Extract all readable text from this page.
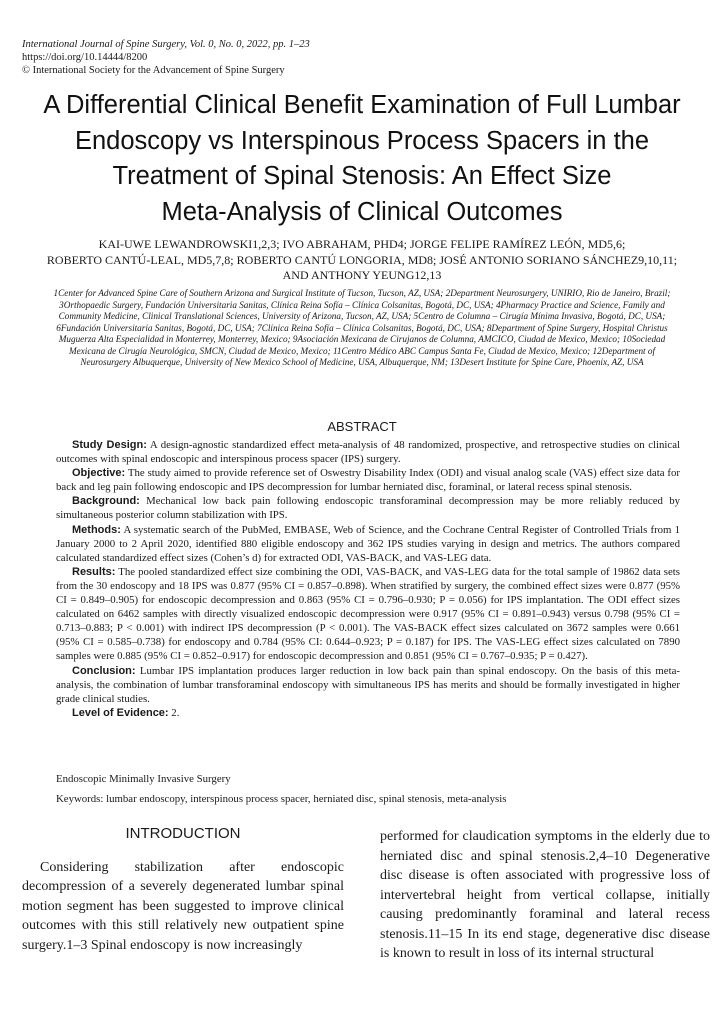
International Journal of Spine Surgery, Vol. 0, No. 0, 2022, pp. 1–23
https://doi.org/10.14444/8200
© International Society for the Advancement of Spine Surgery
A Differential Clinical Benefit Examination of Full Lumbar
Endoscopy vs Interspinous Process Spacers in the
Treatment of Spinal Stenosis: An Effect Size
Meta-Analysis of Clinical Outcomes
KAI-UWE LEWANDROWSKI1,2,3; IVO ABRAHAM, PHD4; JORGE FELIPE RAMÍREZ LEÓN, MD5,6;
ROBERTO CANTÚ-LEAL, MD5,7,8; ROBERTO CANTÚ LONGORIA, MD8; JOSÉ ANTONIO SORIANO SÁNCHEZ9,10,11;
AND ANTHONY YEUNG12,13
1Center for Advanced Spine Care of Southern Arizona and Surgical Institute of Tucson, Tucson, AZ, USA; 2Department Neurosurgery, UNIRIO, Rio de Janeiro, Brazil;
3Orthopaedic Surgery, Fundación Universitaria Sanitas, Clínica Reina Sofía – Clínica Colsanitas, Bogotá, DC, USA; 4Pharmacy Practice and Science, Family and
Community Medicine, Clinical Translational Sciences, University of Arizona, Tucson, AZ, USA; 5Centro de Columna – Cirugía Mínima Invasiva, Bogotá, DC, USA;
6Fundación Universitaria Sanitas, Bogotá, DC, USA; 7Clínica Reina Sofía – Clínica Colsanitas, Bogotá, DC, USA; 8Department of Spine Surgery, Hospital Christus
Muguerza Alta Especialidad in Monterrey, Monterrey, Mexico; 9Asociación Mexicana de Cirujanos de Columna, AMCICO, Ciudad de Mexico, Mexico; 10Sociedad
Mexicana de Cirugía Neurológica, SMCN, Ciudad de Mexico, Mexico; 11Centro Médico ABC Campus Santa Fe, Ciudad de Mexico, Mexico; 12Department of
Neurosurgery Albuquerque, University of New Mexico School of Medicine, USA, Albuquerque, NM; 13Desert Institute for Spine Care, Phoenix, AZ, USA
ABSTRACT

Study Design: A design-agnostic standardized effect meta-analysis of 48 randomized, prospective, and retrospective studies on clinical outcomes with spinal endoscopic and interspinous process spacer (IPS) surgery.

Objective: The study aimed to provide reference set of Oswestry Disability Index (ODI) and visual analog scale (VAS) effect size data for back and leg pain following endoscopic and IPS decompression for lumbar herniated disc, foraminal, or lateral recess spinal stenosis.

Background: Mechanical low back pain following endoscopic transforaminal decompression may be more reliably reduced by simultaneous posterior column stabilization with IPS.

Methods: A systematic search of the PubMed, EMBASE, Web of Science, and the Cochrane Central Register of Controlled Trials from 1 January 2000 to 2 April 2020, identified 880 eligible endoscopy and 362 IPS studies varying in design and metrics. The authors compared calculated standardized effect sizes (Cohen’s d) for extracted ODI, VAS-BACK, and VAS-LEG data.

Results: The pooled standardized effect size combining the ODI, VAS-BACK, and VAS-LEG data for the total sample of 19862 data sets from the 30 endoscopy and 18 IPS was 0.877 (95% CI = 0.857–0.898). When stratified by surgery, the combined effect sizes were 0.877 (95% CI = 0.849–0.905) for endoscopic decompression and 0.863 (95% CI = 0.796–0.930; P = 0.056) for IPS implantation. The ODI effect sizes calculated on 6462 samples with directly visualized endoscopic decompression were 0.917 (95% CI = 0.891–0.943) versus 0.798 (95% CI = 0.713–0.883; P < 0.001) with indirect IPS decompression (P < 0.001). The VAS-BACK effect sizes calculated on 3672 samples were 0.661 (95% CI = 0.585–0.738) for endoscopy and 0.784 (95% CI: 0.644–0.923; P = 0.187) for IPS. The VAS-LEG effect sizes calculated on 7890 samples were 0.885 (95% CI = 0.852–0.917) for endoscopic decompression and 0.851 (95% CI = 0.767–0.935; P = 0.427).

Conclusion: Lumbar IPS implantation produces larger reduction in low back pain than spinal endoscopy. On the basis of this meta-analysis, the combination of lumbar transforaminal endoscopy with simultaneous IPS has merits and should be formally investigated in higher grade clinical studies.

Level of Evidence: 2.

Endoscopic Minimally Invasive Surgery
Keywords: lumbar endoscopy, interspinous process spacer, herniated disc, spinal stenosis, meta-analysis
INTRODUCTION

Considering stabilization after endoscopic decompression of a severely degenerated lumbar spinal motion segment has been suggested to improve clinical outcomes with this still relatively new outpatient spine surgery.1–3 Spinal endoscopy is now increasingly

performed for claudication symptoms in the elderly due to herniated disc and spinal stenosis.2,4–10 Degenerative disc disease is often associated with progressive loss of intervertebral height from vertical collapse, initially causing predominantly foraminal and lateral recess stenosis.11–15 In its end stage, degenerative disc disease is known to result in loss of its internal structural
